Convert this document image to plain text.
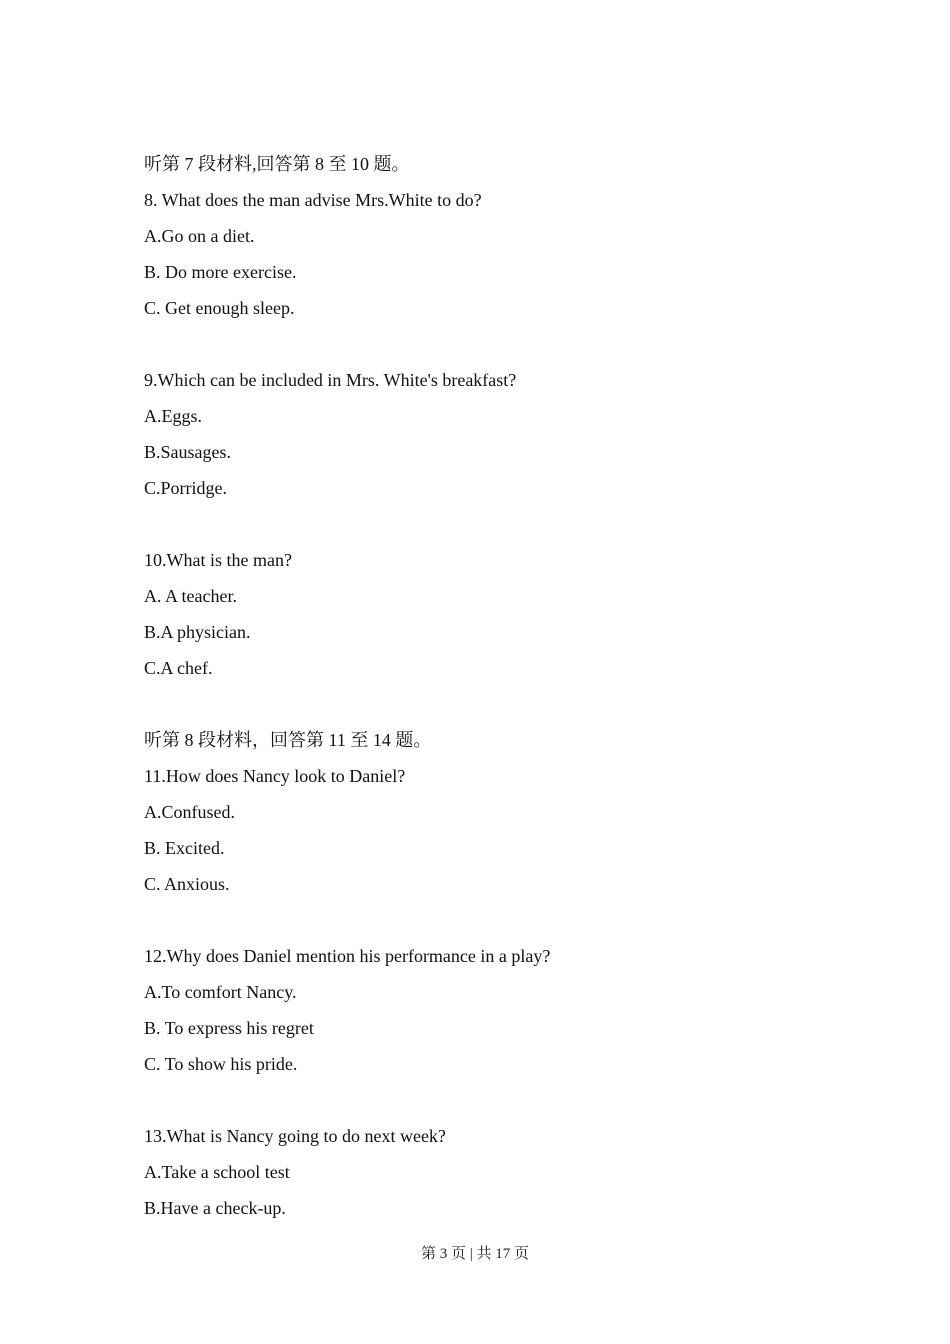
听第 7 段材料,回答第 8 至 10 题。
8. What does the man advise Mrs.White to do?
A.Go on a diet.
B. Do more exercise.
C. Get enough sleep.
9.Which can be included in Mrs. White's breakfast?
A.Eggs.
B.Sausages.
C.Porridge.
10.What is the man?
A. A teacher.
B.A physician.
C.A chef.
听第 8 段材料，回答第 11 至 14 题。
11.How does Nancy look to Daniel?
A.Confused.
B. Excited.
C. Anxious.
12.Why does Daniel mention his performance in a play?
A.To comfort Nancy.
B. To express his regret
C. To show his pride.
13.What is Nancy going to do next week?
A.Take a school test
B.Have a check-up.
第 3 页 | 共 17 页
